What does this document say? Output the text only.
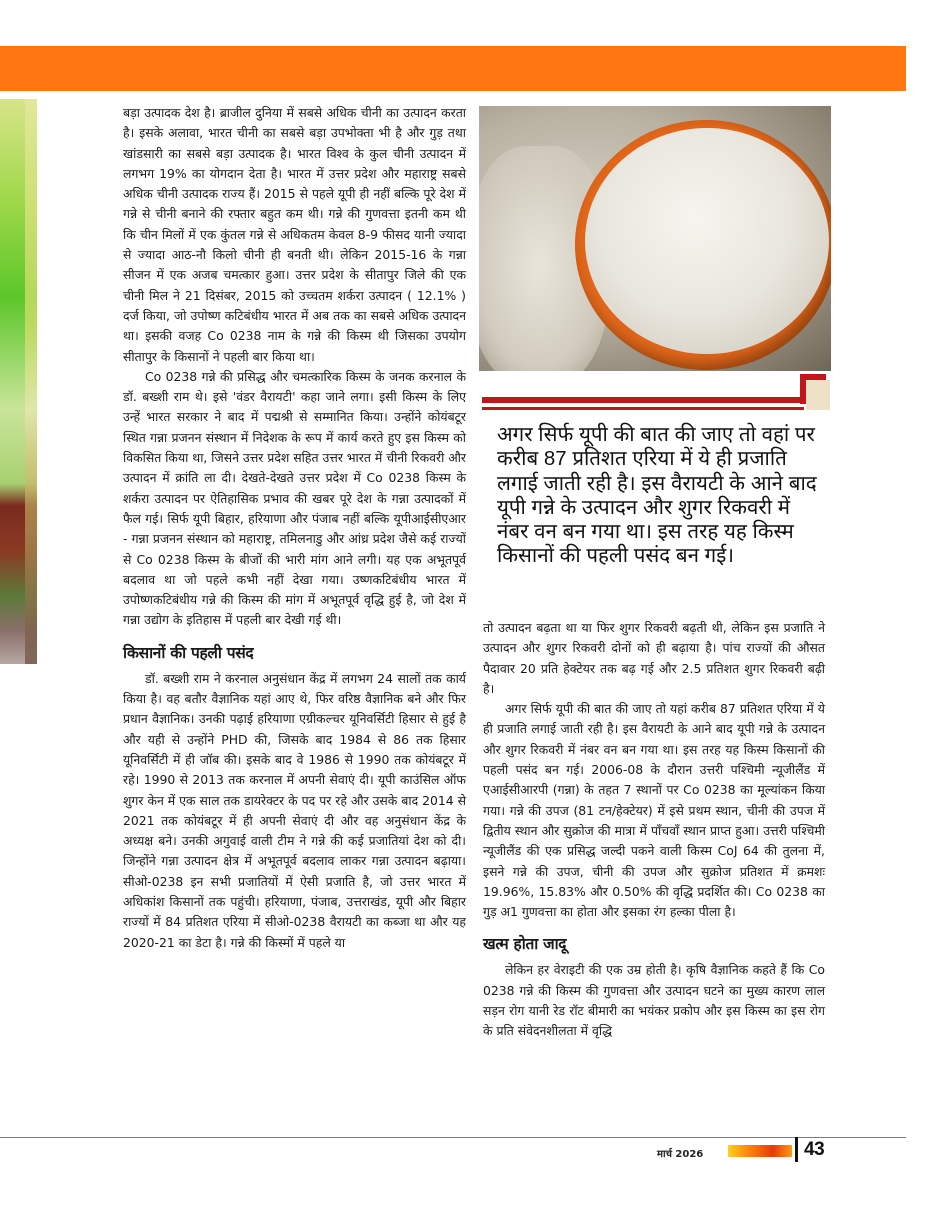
बड़ा उत्पादक देश है। ब्राजील दुनिया में सबसे अधिक चीनी का उत्पादन करता है। इसके अलावा, भारत चीनी का सबसे बड़ा उपभोक्ता भी है और गुड़ तथा खांडसारी का सबसे बड़ा उत्पादक है। भारत विश्व के कुल चीनी उत्पादन में लगभग 19% का योगदान देता है। भारत में उत्तर प्रदेश और महाराष्ट्र सबसे अधिक चीनी उत्पादक राज्य हैं। 2015 से पहले यूपी ही नहीं बल्कि पूरे देश में गन्ने से चीनी बनाने की रफ्तार बहुत कम थी। गन्ने की गुणवत्ता इतनी कम थी कि चीन मिलों में एक कुंतल गन्ने से अधिकतम केवल 8-9 फीसद यानी ज्यादा से ज्यादा आठ-नौ किलो चीनी ही बनती थी। लेकिन 2015-16 के गन्ना सीजन में एक अजब चमत्कार हुआ। उत्तर प्रदेश के सीतापुर जिले की एक चीनी मिल ने 21 दिसंबर, 2015 को उच्चतम शर्करा उत्पादन ( 12.1% ) दर्ज किया, जो उपोष्ण कटिबंधीय भारत में अब तक का सबसे अधिक उत्पादन था। इसकी वजह Co 0238 नाम के गन्ने की किस्म थी जिसका उपयोग सीतापुर के किसानों ने पहली बार किया था।

Co 0238 गन्ने की प्रसिद्ध और चमत्कारिक किस्म के जनक करनाल के डॉ. बख्शी राम थे। इसे 'वंडर वैरायटी' कहा जाने लगा। इसी किस्म के लिए उन्हें भारत सरकार ने बाद में पद्मश्री से सम्मानित किया। उन्होंने कोयंबटूर स्थित गन्ना प्रजनन संस्थान में निदेशक के रूप में कार्य करते हुए इस किस्म को विकसित किया था, जिसने उत्तर प्रदेश सहित उत्तर भारत में चीनी रिकवरी और उत्पादन में क्रांति ला दी। देखते-देखते उत्तर प्रदेश में Co 0238 किस्म के शर्करा उत्पादन पर ऐतिहासिक प्रभाव की खबर पूरे देश के गन्ना उत्पादकों में फैल गई। सिर्फ यूपी बिहार, हरियाणा और पंजाब नहीं बल्कि यूपीआईसीएआर - गन्ना प्रजनन संस्थान को महाराष्ट्र, तमिलनाडु और आंध्र प्रदेश जैसे कई राज्यों से Co 0238 किस्म के बीजों की भारी मांग आने लगी। यह एक अभूतपूर्व बदलाव था जो पहले कभी नहीं देखा गया। उष्णकटिबंधीय भारत में उपोष्णकटिबंधीय गन्ने की किस्म की मांग में अभूतपूर्व वृद्धि हुई है, जो देश में गन्ना उद्योग के इतिहास में पहली बार देखी गई थी।

किसानों की पहली पसंद

डॉ. बख्शी राम ने करनाल अनुसंधान केंद्र में लगभग 24 सालों तक कार्य किया है। वह बतौर वैज्ञानिक यहां आए थे, फिर वरिष्ठ वैज्ञानिक बने और फिर प्रधान वैज्ञानिक। उनकी पढ़ाई हरियाणा एग्रीकल्चर यूनिवर्सिटी हिसार से हुई है और यही से उन्होंने PHD की, जिसके बाद 1984 से 86 तक हिसार यूनिवर्सिटी में ही जॉब की। इसके बाद वे 1986 से 1990 तक कोयंबटूर में रहे। 1990 से 2013 तक करनाल में अपनी सेवाएं दी। यूपी काउंसिल ऑफ शुगर केन में एक साल तक डायरेक्टर के पद पर रहे और उसके बाद 2014 से 2021 तक कोयंबटूर में ही अपनी सेवाएं दी और वह अनुसंधान केंद्र के अध्यक्ष बने। उनकी अगुवाई वाली टीम ने गन्ने की कई प्रजातियां देश को दी। जिन्होंने गन्ना उत्पादन क्षेत्र में अभूतपूर्व बदलाव लाकर गन्ना उत्पादन बढ़ाया। सीओ-0238 इन सभी प्रजातियों में ऐसी प्रजाति है, जो उत्तर भारत में अधिकांश किसानों तक पहुंची। हरियाणा, पंजाब, उत्तराखंड, यूपी और बिहार राज्यों में 84 प्रतिशत एरिया में सीओ-0238 वैरायटी का कब्जा था और यह 2020-21 का डेटा है। गन्ने की किस्मों में पहले या

अगर सिर्फ यूपी की बात की जाए तो वहां पर करीब 87 प्रतिशत एरिया में ये ही प्रजाति लगाई जाती रही है। इस वैरायटी के आने बाद यूपी गन्ने के उत्पादन और शुगर रिकवरी में नंबर वन बन गया था। इस तरह यह किस्म किसानों की पहली पसंद बन गई।

तो उत्पादन बढ़ता था या फिर शुगर रिकवरी बढ़ती थी, लेकिन इस प्रजाति ने उत्पादन और शुगर रिकवरी दोनों को ही बढ़ाया है। पांच राज्यों की औसत पैदावार 20 प्रति हेक्टेयर तक बढ़ गई और 2.5 प्रतिशत शुगर रिकवरी बढ़ी है।

अगर सिर्फ यूपी की बात की जाए तो यहां करीब 87 प्रतिशत एरिया में ये ही प्रजाति लगाई जाती रही है। इस वैरायटी के आने बाद यूपी गन्ने के उत्पादन और शुगर रिकवरी में नंबर वन बन गया था। इस तरह यह किस्म किसानों की पहली पसंद बन गई। 2006-08 के दौरान उत्तरी पश्चिमी न्यूजीलैंड में एआईसीआरपी (गन्ना) के तहत 7 स्थानों पर Co 0238 का मूल्यांकन किया गया। गन्ने की उपज (81 टन/हेक्टेयर) में इसे प्रथम स्थान, चीनी की उपज में द्वितीय स्थान और सुक्रोज की मात्रा में पाँचवाँ स्थान प्राप्त हुआ। उत्तरी पश्चिमी न्यूजीलैंड की एक प्रसिद्ध जल्दी पकने वाली किस्म CoJ 64 की तुलना में, इसने गन्ने की उपज, चीनी की उपज और सुक्रोज प्रतिशत में क्रमशः 19.96%, 15.83% और 0.50% की वृद्धि प्रदर्शित की। Co 0238 का गुड़ अ1 गुणवत्ता का होता और इसका रंग हल्का पीला है।

खत्म होता जादू

लेकिन हर वेराइटी की एक उम्र होती है। कृषि वैज्ञानिक कहते हैं कि Co 0238 गन्ने की किस्म की गुणवत्ता और उत्पादन घटने का मुख्य कारण लाल सड़न रोग यानी रेड रॉट बीमारी का भयंकर प्रकोप और इस किस्म का इस रोग के प्रति संवेदनशीलता में वृद्धि

मार्च 2026	43
